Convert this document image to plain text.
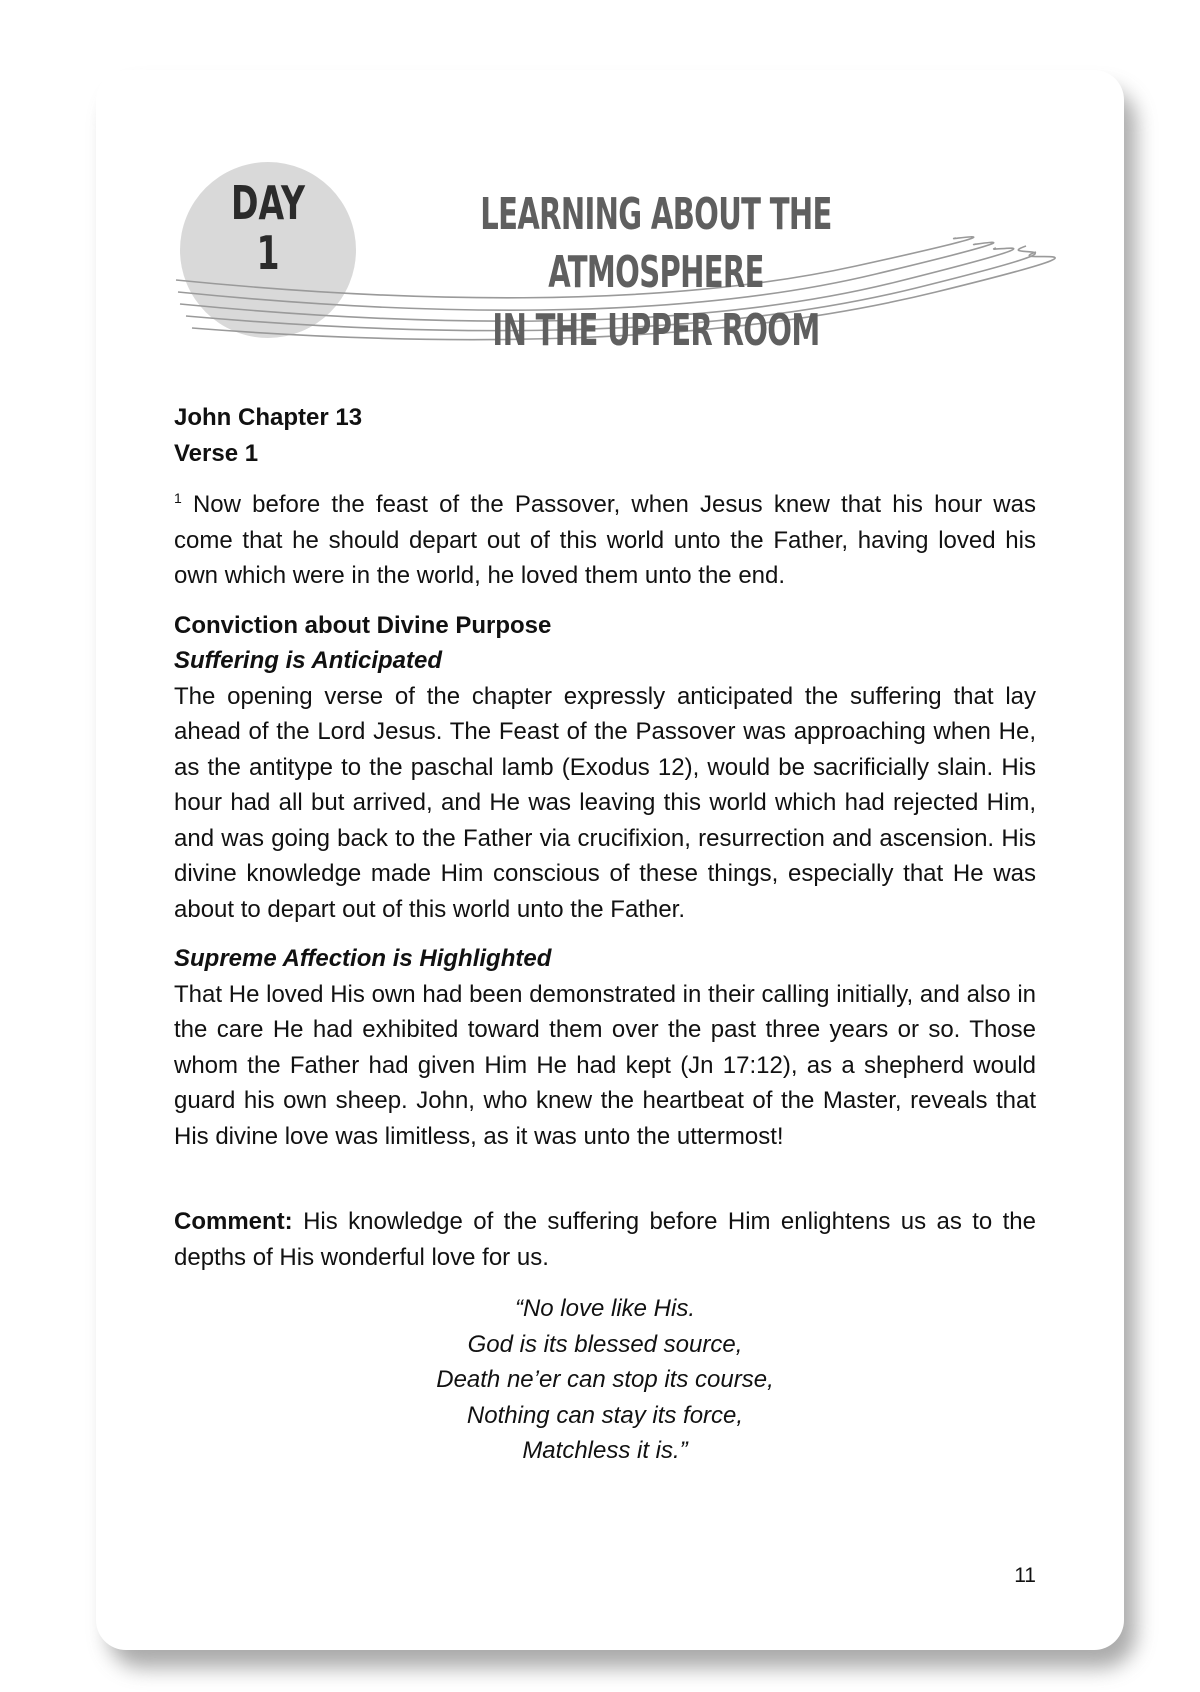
DAY
1
LEARNING ABOUT THE ATMOSPHERE
IN THE UPPER ROOM

John Chapter 13

Verse 1

$^1$ Now before the feast of the Passover, when Jesus knew that his hour was come that he should depart out of this world unto the Father, having loved his own which were in the world, he loved them unto the end.

Conviction about Divine Purpose

Suffering is Anticipated

The opening verse of the chapter expressly anticipated the suffering that lay ahead of the Lord Jesus. The Feast of the Passover was approaching when He, as the antitype to the paschal lamb (Exodus 12), would be sacrificially slain. His hour had all but arrived, and He was leaving this world which had rejected Him, and was going back to the Father via crucifixion, resurrection and ascension. His divine knowledge made Him conscious of these things, especially that He was about to depart out of this world unto the Father.

Supreme Affection is Highlighted

That He loved His own had been demonstrated in their calling initially, and also in the care He had exhibited toward them over the past three years or so. Those whom the Father had given Him He had kept (Jn 17:12), as a shepherd would guard his own sheep. John, who knew the heartbeat of the Master, reveals that His divine love was limitless, as it was unto the uttermost!

Comment: His knowledge of the suffering before Him enlightens us as to the depths of His wonderful love for us.

“No love like His.
God is its blessed source,
Death ne’er can stop its course,
Nothing can stay its force,
Matchless it is.”
11
